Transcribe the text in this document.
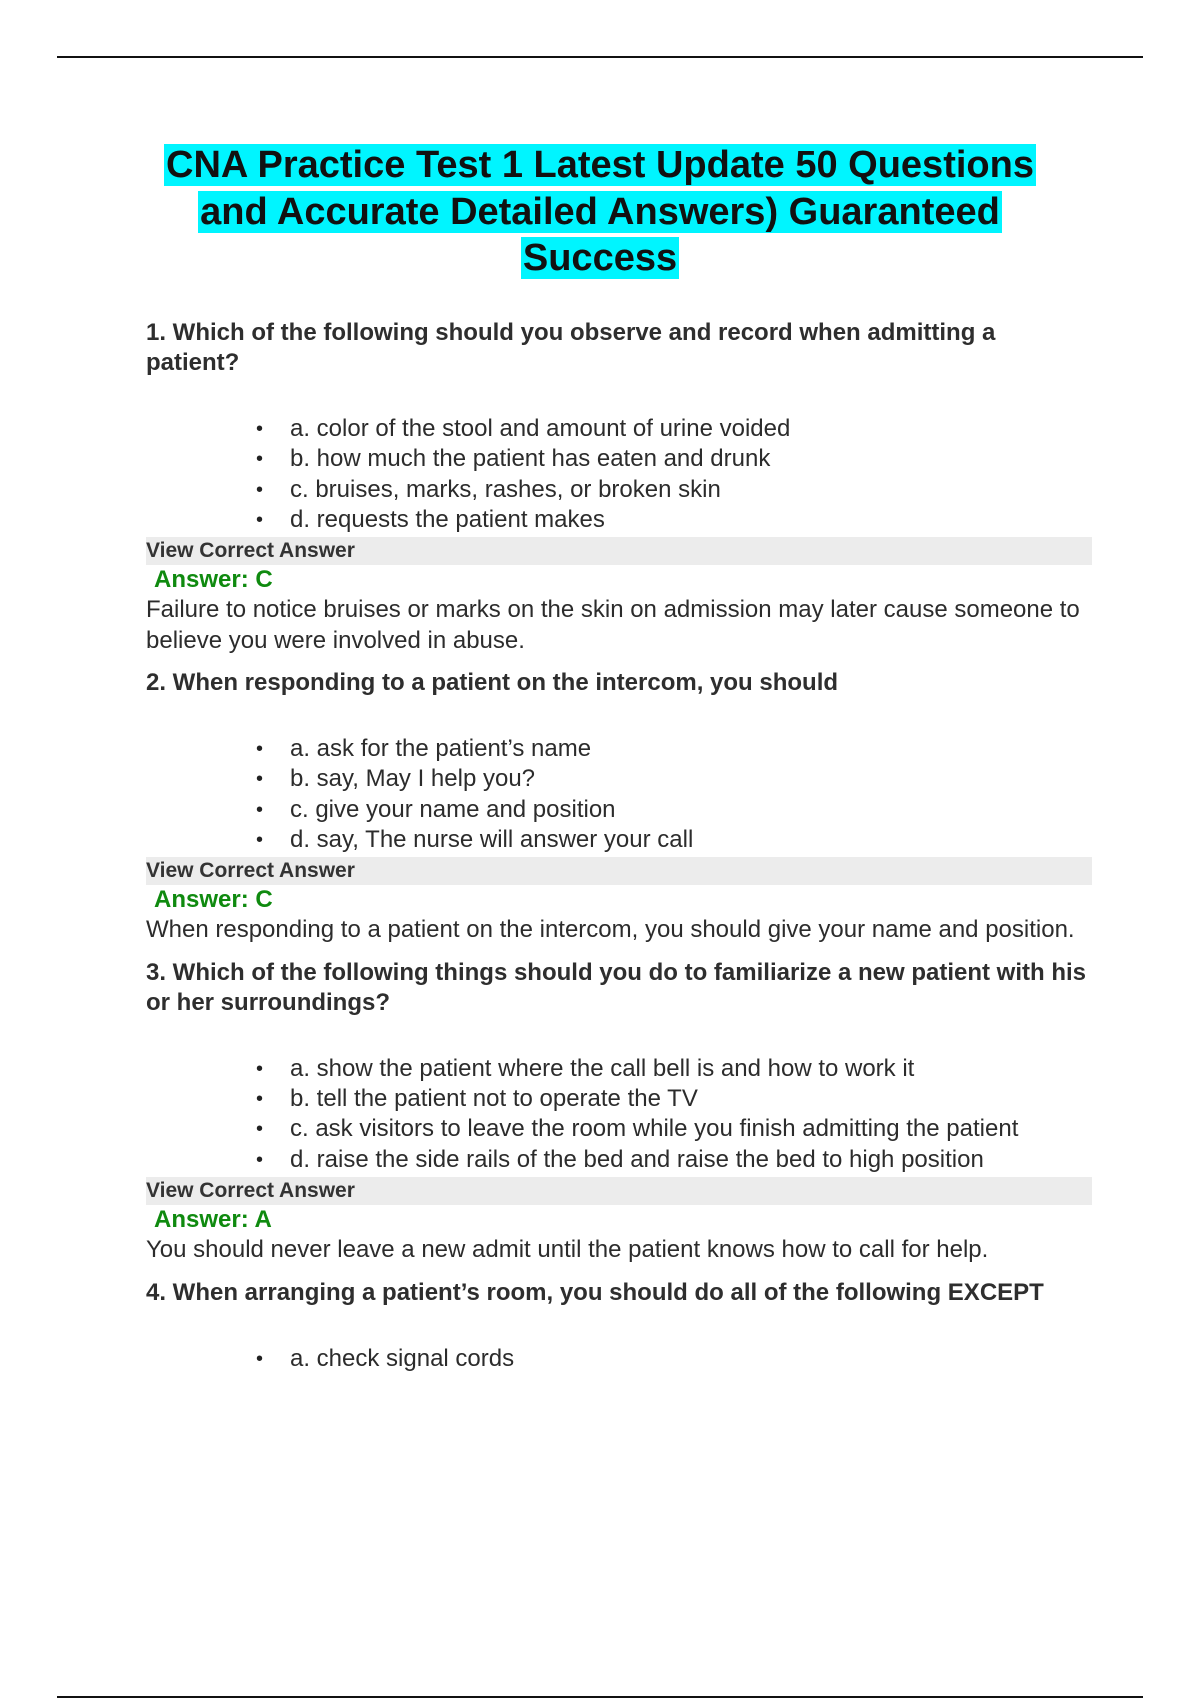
CNA Practice Test 1 Latest Update 50 Questions
and Accurate Detailed Answers) Guaranteed
Success
1. Which of the following should you observe and record when admitting a patient?
• a. color of the stool and amount of urine voided
• b. how much the patient has eaten and drunk
• c. bruises, marks, rashes, or broken skin
• d. requests the patient makes
View Correct Answer
Answer: C
Failure to notice bruises or marks on the skin on admission may later cause someone to believe you were involved in abuse.
2. When responding to a patient on the intercom, you should
• a. ask for the patient’s name
• b. say, May I help you?
• c. give your name and position
• d. say, The nurse will answer your call
View Correct Answer
Answer: C
When responding to a patient on the intercom, you should give your name and position.
3. Which of the following things should you do to familiarize a new patient with his or her surroundings?
• a. show the patient where the call bell is and how to work it
• b. tell the patient not to operate the TV
• c. ask visitors to leave the room while you finish admitting the patient
• d. raise the side rails of the bed and raise the bed to high position
View Correct Answer
Answer: A
You should never leave a new admit until the patient knows how to call for help.
4. When arranging a patient’s room, you should do all of the following EXCEPT
• a. check signal cords
